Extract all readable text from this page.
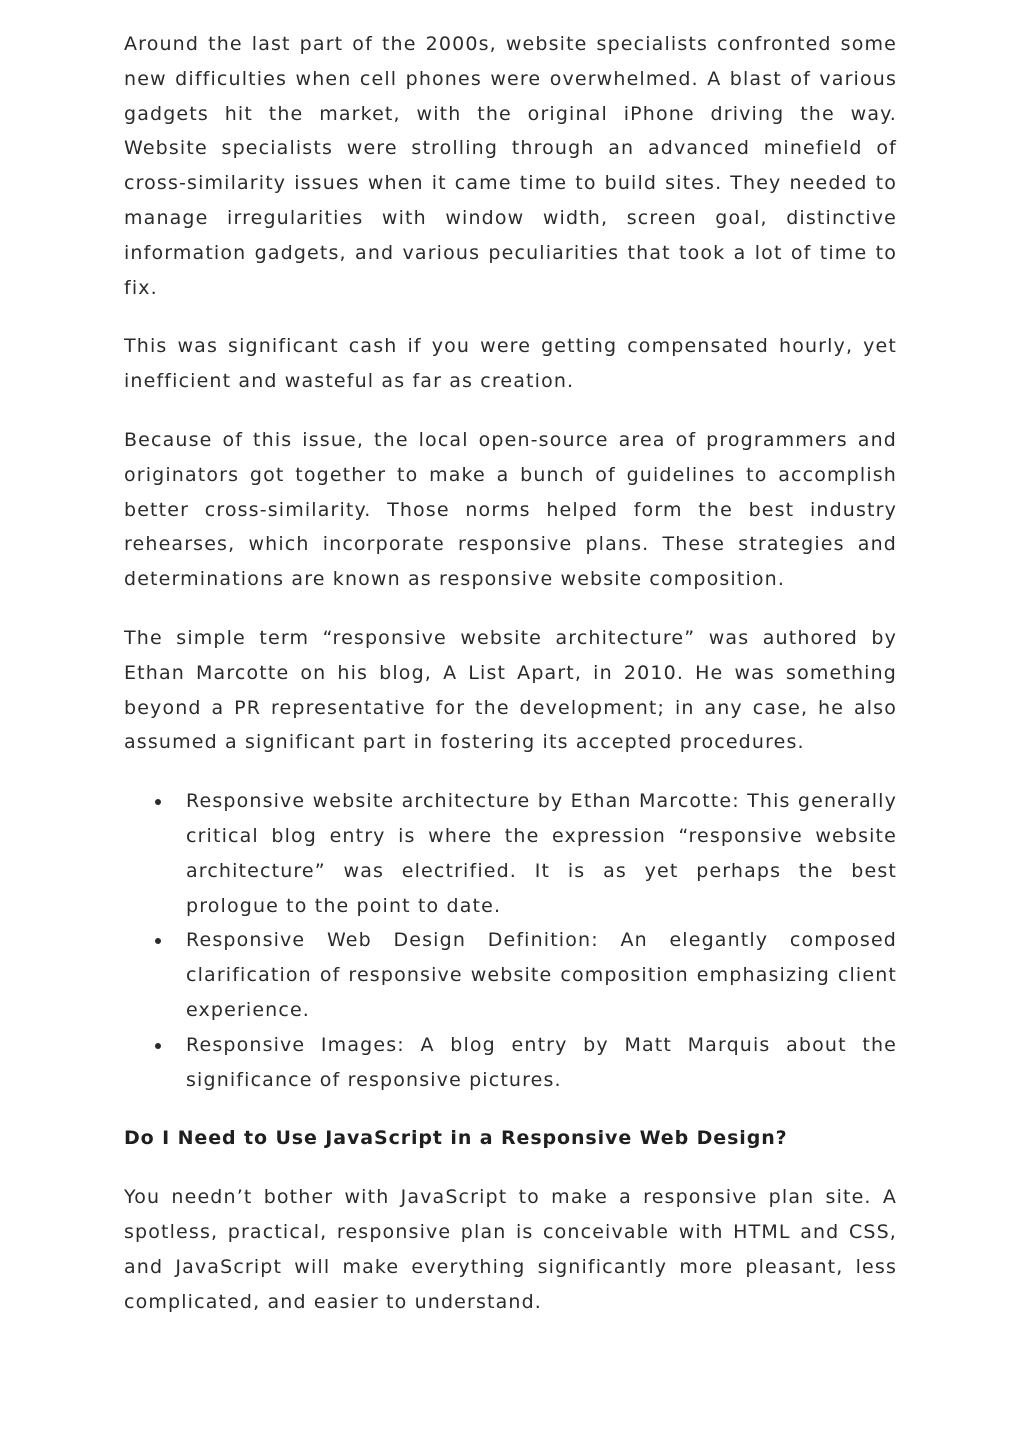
Around the last part of the 2000s, website specialists confronted some new difficulties when cell phones were overwhelmed. A blast of various gadgets hit the market, with the original iPhone driving the way. Website specialists were strolling through an advanced minefield of cross-similarity issues when it came time to build sites. They needed to manage irregularities with window width, screen goal, distinctive information gadgets, and various peculiarities that took a lot of time to fix.

This was significant cash if you were getting compensated hourly, yet inefficient and wasteful as far as creation.

Because of this issue, the local open-source area of programmers and originators got together to make a bunch of guidelines to accomplish better cross-similarity. Those norms helped form the best industry rehearses, which incorporate responsive plans. These strategies and determinations are known as responsive website composition.

The simple term “responsive website architecture” was authored by Ethan Marcotte on his blog, A List Apart, in 2010. He was something beyond a PR representative for the development; in any case, he also assumed a significant part in fostering its accepted procedures.

Responsive website architecture by Ethan Marcotte: This generally critical blog entry is where the expression “responsive website architecture” was electrified. It is as yet perhaps the best prologue to the point to date.
Responsive Web Design Definition: An elegantly composed clarification of responsive website composition emphasizing client experience.
Responsive Images: A blog entry by Matt Marquis about the significance of responsive pictures.
Do I Need to Use JavaScript in a Responsive Web Design?

You needn’t bother with JavaScript to make a responsive plan site. A spotless, practical, responsive plan is conceivable with HTML and CSS, and JavaScript will make everything significantly more pleasant, less complicated, and easier to understand.
